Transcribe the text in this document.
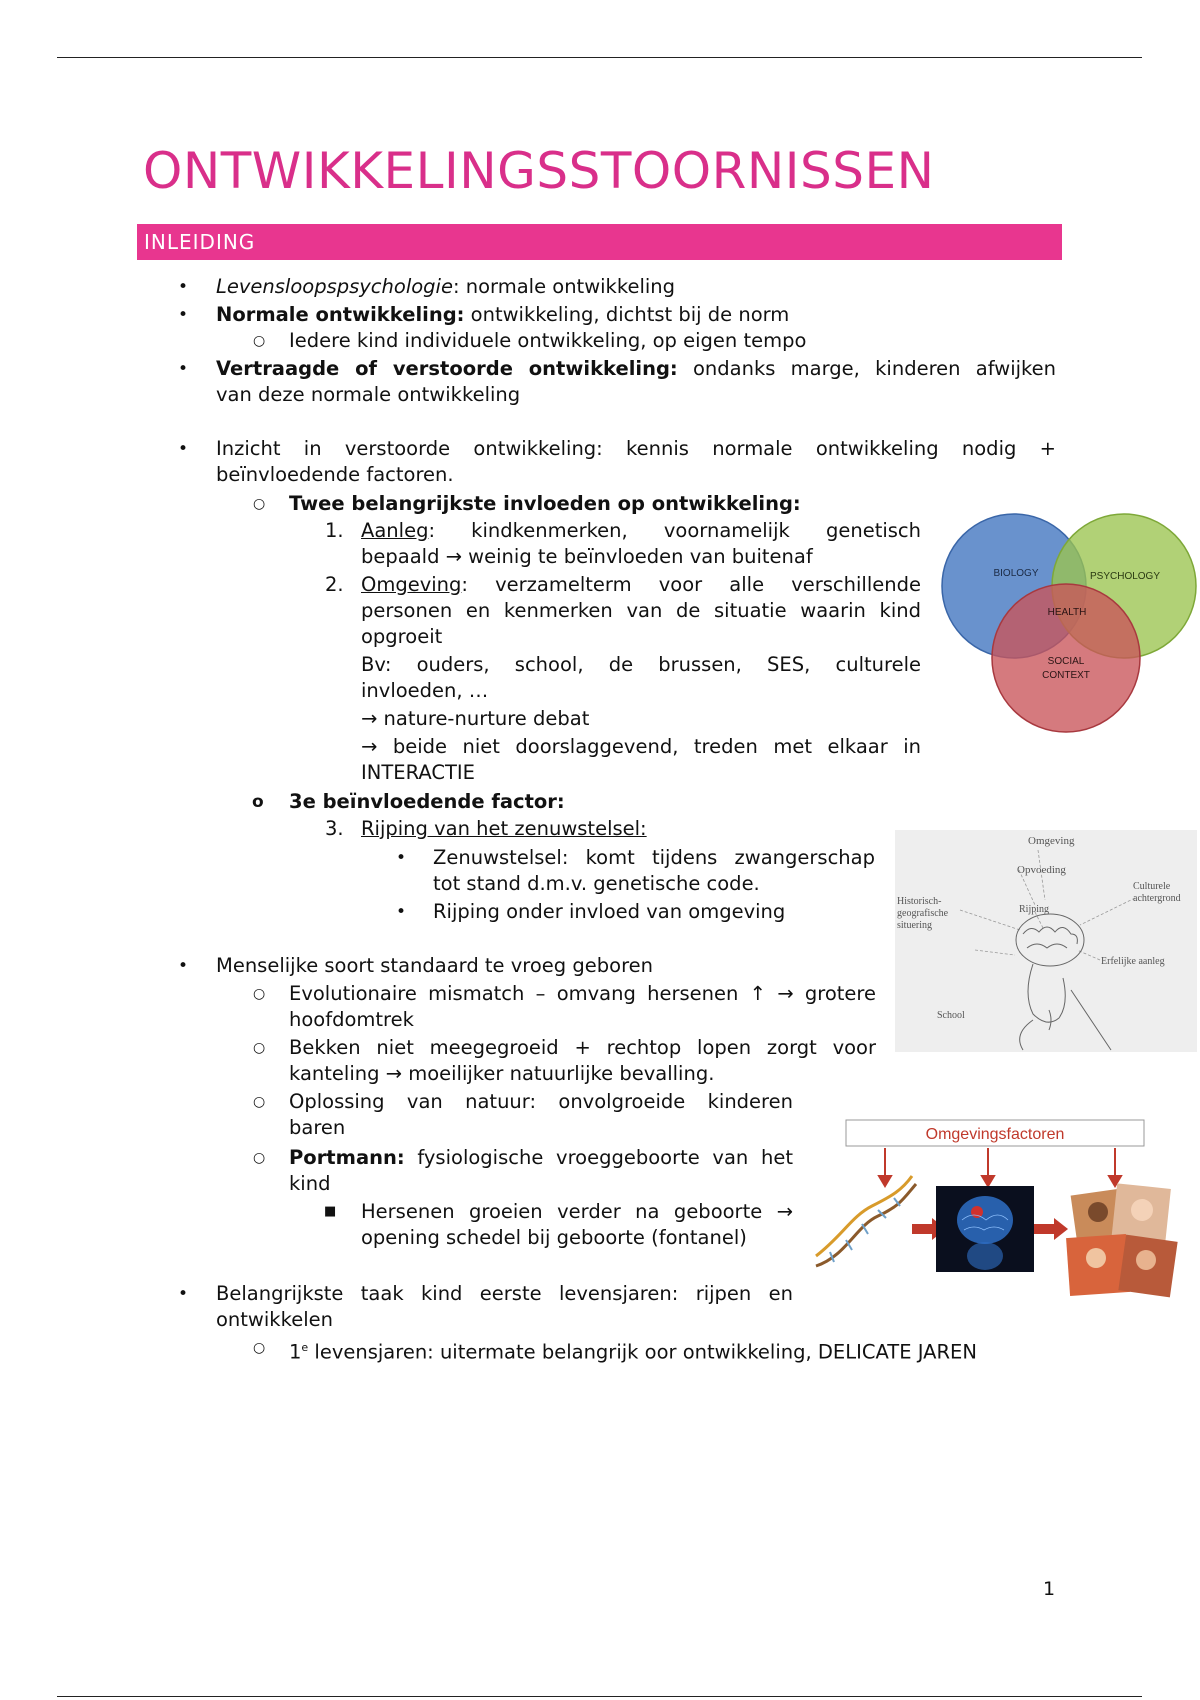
ONTWIKKELINGSSTOORNISSEN
INLEIDING
• Levensloopspsychologie: normale ontwikkeling

• Normale ontwikkeling: ontwikkeling, dichtst bij de norm

○ Iedere kind individuele ontwikkeling, op eigen tempo

• Vertraagde of verstoorde ontwikkeling: ondanks marge, kinderen afwijken

van deze normale ontwikkeling

• Inzicht in verstoorde ontwikkeling: kennis normale ontwikkeling nodig +

beïnvloedende factoren.

○ Twee belangrijkste invloeden op ontwikkeling:

1. Aanleg: kindkenmerken, voornamelijk genetisch

bepaald → weinig te beïnvloeden van buitenaf

2. Omgeving: verzamelterm voor alle verschillende

personen en kenmerken van de situatie waarin kind

opgroeit

Bv: ouders, school, de brussen, SES, culturele

invloeden, …

→ nature-nurture debat

→ beide niet doorslaggevend, treden met elkaar in

INTERACTIE

o 3e beïnvloedende factor:

3. Rijping van het zenuwstelsel:

• Zenuwstelsel: komt tijdens zwangerschap

tot stand d.m.v. genetische code.

• Rijping onder invloed van omgeving

• Menselijke soort standaard te vroeg geboren

○ Evolutionaire mismatch – omvang hersenen ↑ → grotere

hoofdomtrek

○ Bekken niet meegegroeid + rechtop lopen zorgt voor

kanteling → moeilijker natuurlijke bevalling.

○ Oplossing van natuur: onvolgroeide kinderen

baren

○ Portmann: fysiologische vroeggeboorte van het

kind

■ Hersenen groeien verder na geboorte →

opening schedel bij geboorte (fontanel)

• Belangrijkste taak kind eerste levensjaren: rijpen en

ontwikkelen

○ 1e levensjaren: uitermate belangrijk oor ontwikkeling, DELICATE JAREN

BIOLOGY	PSYCHOLOGY
HEALTH
SOCIAL
CONTEXT
Omgeving
Opvoeding
Culturele
achtergrond
Historisch-
geografische
situering
Rijping
Erfelijke aanleg
School
Omgevingsfactoren
1
